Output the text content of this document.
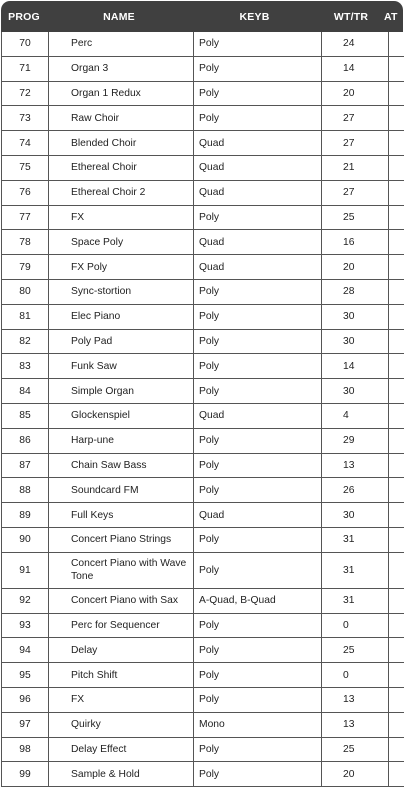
PROG	NAME	KEYB	WT/TR	AT
70	Perc	Poly	24	
71	Organ 3	Poly	14	
72	Organ 1 Redux	Poly	20	
73	Raw Choir	Poly	27	
74	Blended Choir	Quad	27	
75	Ethereal Choir	Quad	21	
76	Ethereal Choir 2	Quad	27	
77	FX	Poly	25	
78	Space Poly	Quad	16	
79	FX Poly	Quad	20	
80	Sync-stortion	Poly	28	
81	Elec Piano	Poly	30	
82	Poly Pad	Poly	30	
83	Funk Saw	Poly	14	
84	Simple Organ	Poly	30	
85	Glockenspiel	Quad	4	
86	Harp-une	Poly	29	
87	Chain Saw Bass	Poly	13	
88	Soundcard FM	Poly	26	
89	Full Keys	Quad	30	
90	Concert Piano Strings	Poly	31	
91	Concert Piano with Wave Tone	Poly	31	
92	Concert Piano with Sax	A-Quad, B-Quad	31	
93	Perc for Sequencer	Poly	0	
94	Delay	Poly	25	
95	Pitch Shift	Poly	0	
96	FX	Poly	13	
97	Quirky	Mono	13	
98	Delay Effect	Poly	25	
99	Sample & Hold	Poly	20	
